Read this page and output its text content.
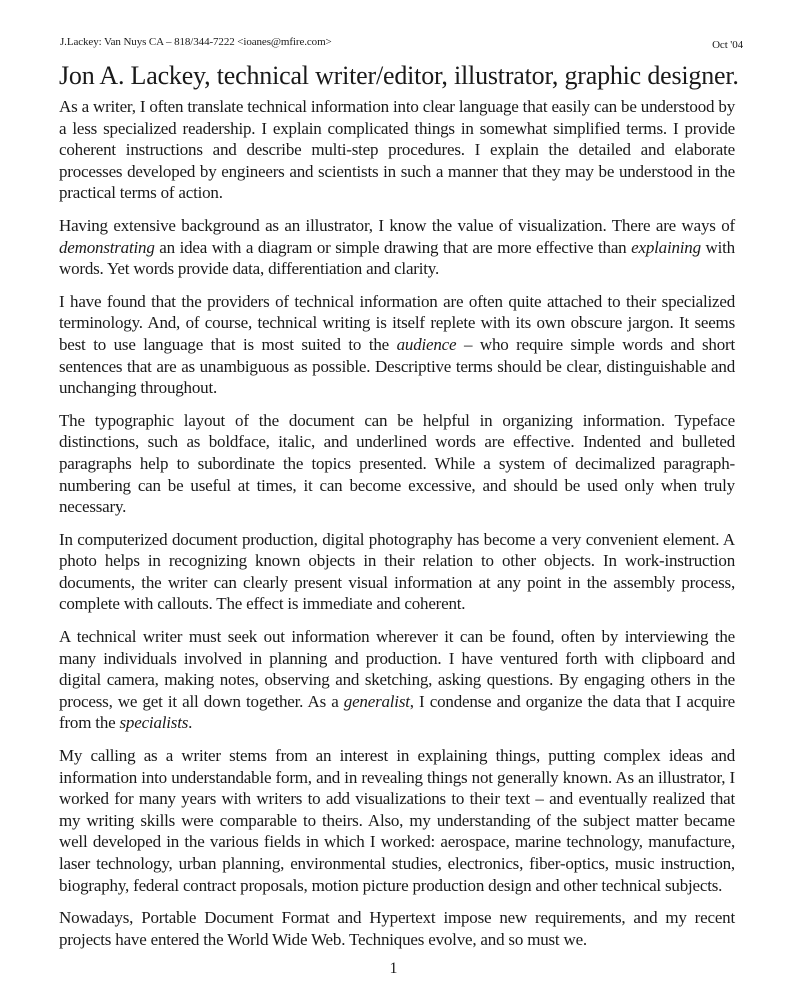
J.Lackey: Van Nuys CA – 818/344-7222 <ioanes@mfire.com>	Oct '04
Jon A. Lackey, technical writer/editor, illustrator, graphic designer.

As a writer, I often translate technical information into clear language that easily can be understood by a less specialized readership. I explain complicated things in somewhat simplified terms. I provide coherent instructions and describe multi-step procedures. I explain the detailed and elaborate processes developed by engineers and scientists in such a manner that they may be understood in the practical terms of action.

Having extensive background as an illustrator, I know the value of visualization. There are ways of demonstrating an idea with a diagram or simple drawing that are more effective than explaining with words. Yet words provide data, differentiation and clarity.

I have found that the providers of technical information are often quite attached to their specialized terminology. And, of course, technical writing is itself replete with its own obscure jargon. It seems best to use language that is most suited to the audience – who require simple words and short sentences that are as unambiguous as possible. Descriptive terms should be clear, distinguishable and unchanging throughout.

The typographic layout of the document can be helpful in organizing information. Typeface distinctions, such as boldface, italic, and underlined words are effective. Indented and bulleted paragraphs help to subordinate the topics presented. While a system of decimalized paragraph-numbering can be useful at times, it can become excessive, and should be used only when truly necessary.

In computerized document production, digital photography has become a very convenient element. A photo helps in recognizing known objects in their relation to other objects. In work-instruction documents, the writer can clearly present visual information at any point in the assembly process, complete with callouts. The effect is immediate and coherent.

A technical writer must seek out information wherever it can be found, often by interviewing the many individuals involved in planning and production. I have ventured forth with clipboard and digital camera, making notes, observing and sketching, asking questions. By engaging others in the process, we get it all down together. As a generalist, I condense and organize the data that I acquire from the specialists.

My calling as a writer stems from an interest in explaining things, putting complex ideas and information into understandable form, and in revealing things not generally known. As an illustrator, I worked for many years with writers to add visualizations to their text – and eventually realized that my writing skills were comparable to theirs. Also, my understanding of the subject matter became well developed in the various fields in which I worked: aerospace, marine technology, manufacture, laser technology, urban planning, environmental studies, electronics, fiber-optics, music instruction, biography, federal contract proposals, motion picture production design and other technical subjects.

Nowadays, Portable Document Format and Hypertext impose new requirements, and my recent projects have entered the World Wide Web. Techniques evolve, and so must we.

1
